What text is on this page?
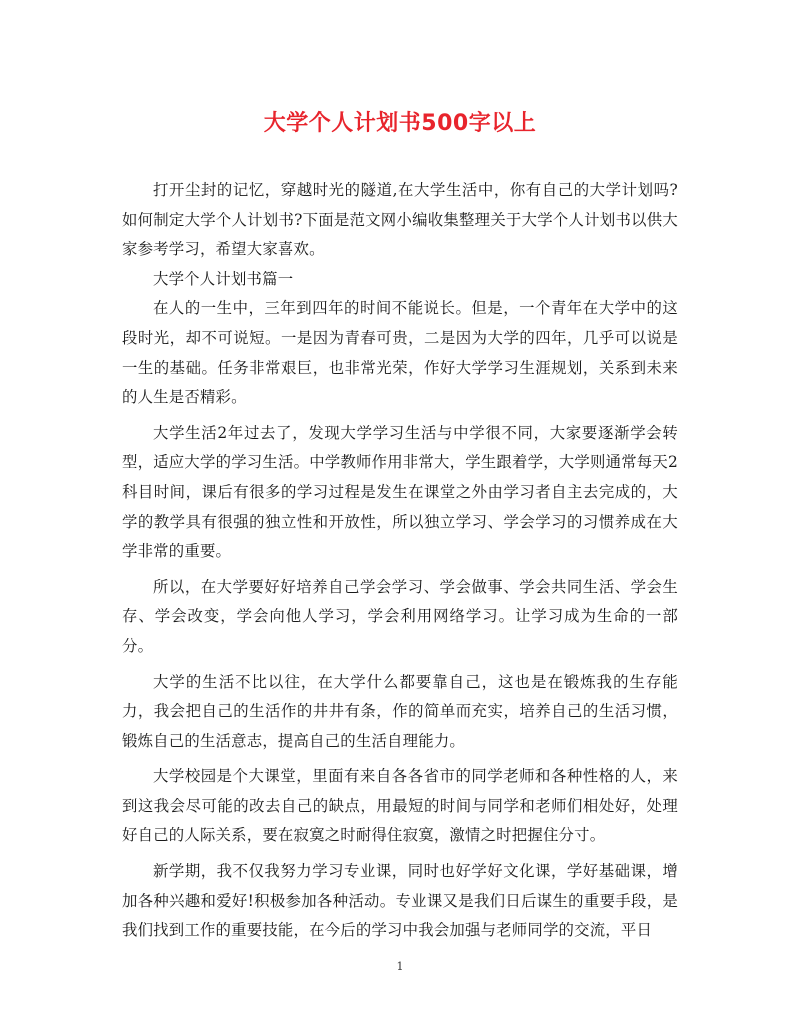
大学个人计划书500字以上

打开尘封的记忆，穿越时光的隧道,在大学生活中，你有自己的大学计划吗?如何制定大学个人计划书?下面是范文网小编收集整理关于大学个人计划书以供大家参考学习，希望大家喜欢。

大学个人计划书篇一

在人的一生中，三年到四年的时间不能说长。但是，一个青年在大学中的这段时光，却不可说短。一是因为青春可贵，二是因为大学的四年，几乎可以说是一生的基础。任务非常艰巨，也非常光荣，作好大学学习生涯规划，关系到未来的人生是否精彩。

大学生活2年过去了，发现大学学习生活与中学很不同，大家要逐渐学会转型，适应大学的学习生活。中学教师作用非常大，学生跟着学，大学则通常每天2科目时间，课后有很多的学习过程是发生在课堂之外由学习者自主去完成的，大学的教学具有很强的独立性和开放性，所以独立学习、学会学习的习惯养成在大学非常的重要。

所以，在大学要好好培养自己学会学习、学会做事、学会共同生活、学会生存、学会改变，学会向他人学习，学会利用网络学习。让学习成为生命的一部分。

大学的生活不比以往，在大学什么都要靠自己，这也是在锻炼我的生存能力，我会把自己的生活作的井井有条，作的简单而充实，培养自己的生活习惯，锻炼自己的生活意志，提高自己的生活自理能力。

大学校园是个大课堂，里面有来自各各省市的同学老师和各种性格的人，来到这我会尽可能的改去自己的缺点，用最短的时间与同学和老师们相处好，处理好自己的人际关系，要在寂寞之时耐得住寂寞，激情之时把握住分寸。

新学期，我不仅我努力学习专业课，同时也好学好文化课，学好基础课，增加各种兴趣和爱好!积极参加各种活动。专业课又是我们日后谋生的重要手段，是我们找到工作的重要技能，在今后的学习中我会加强与老师同学的交流，平日

1
